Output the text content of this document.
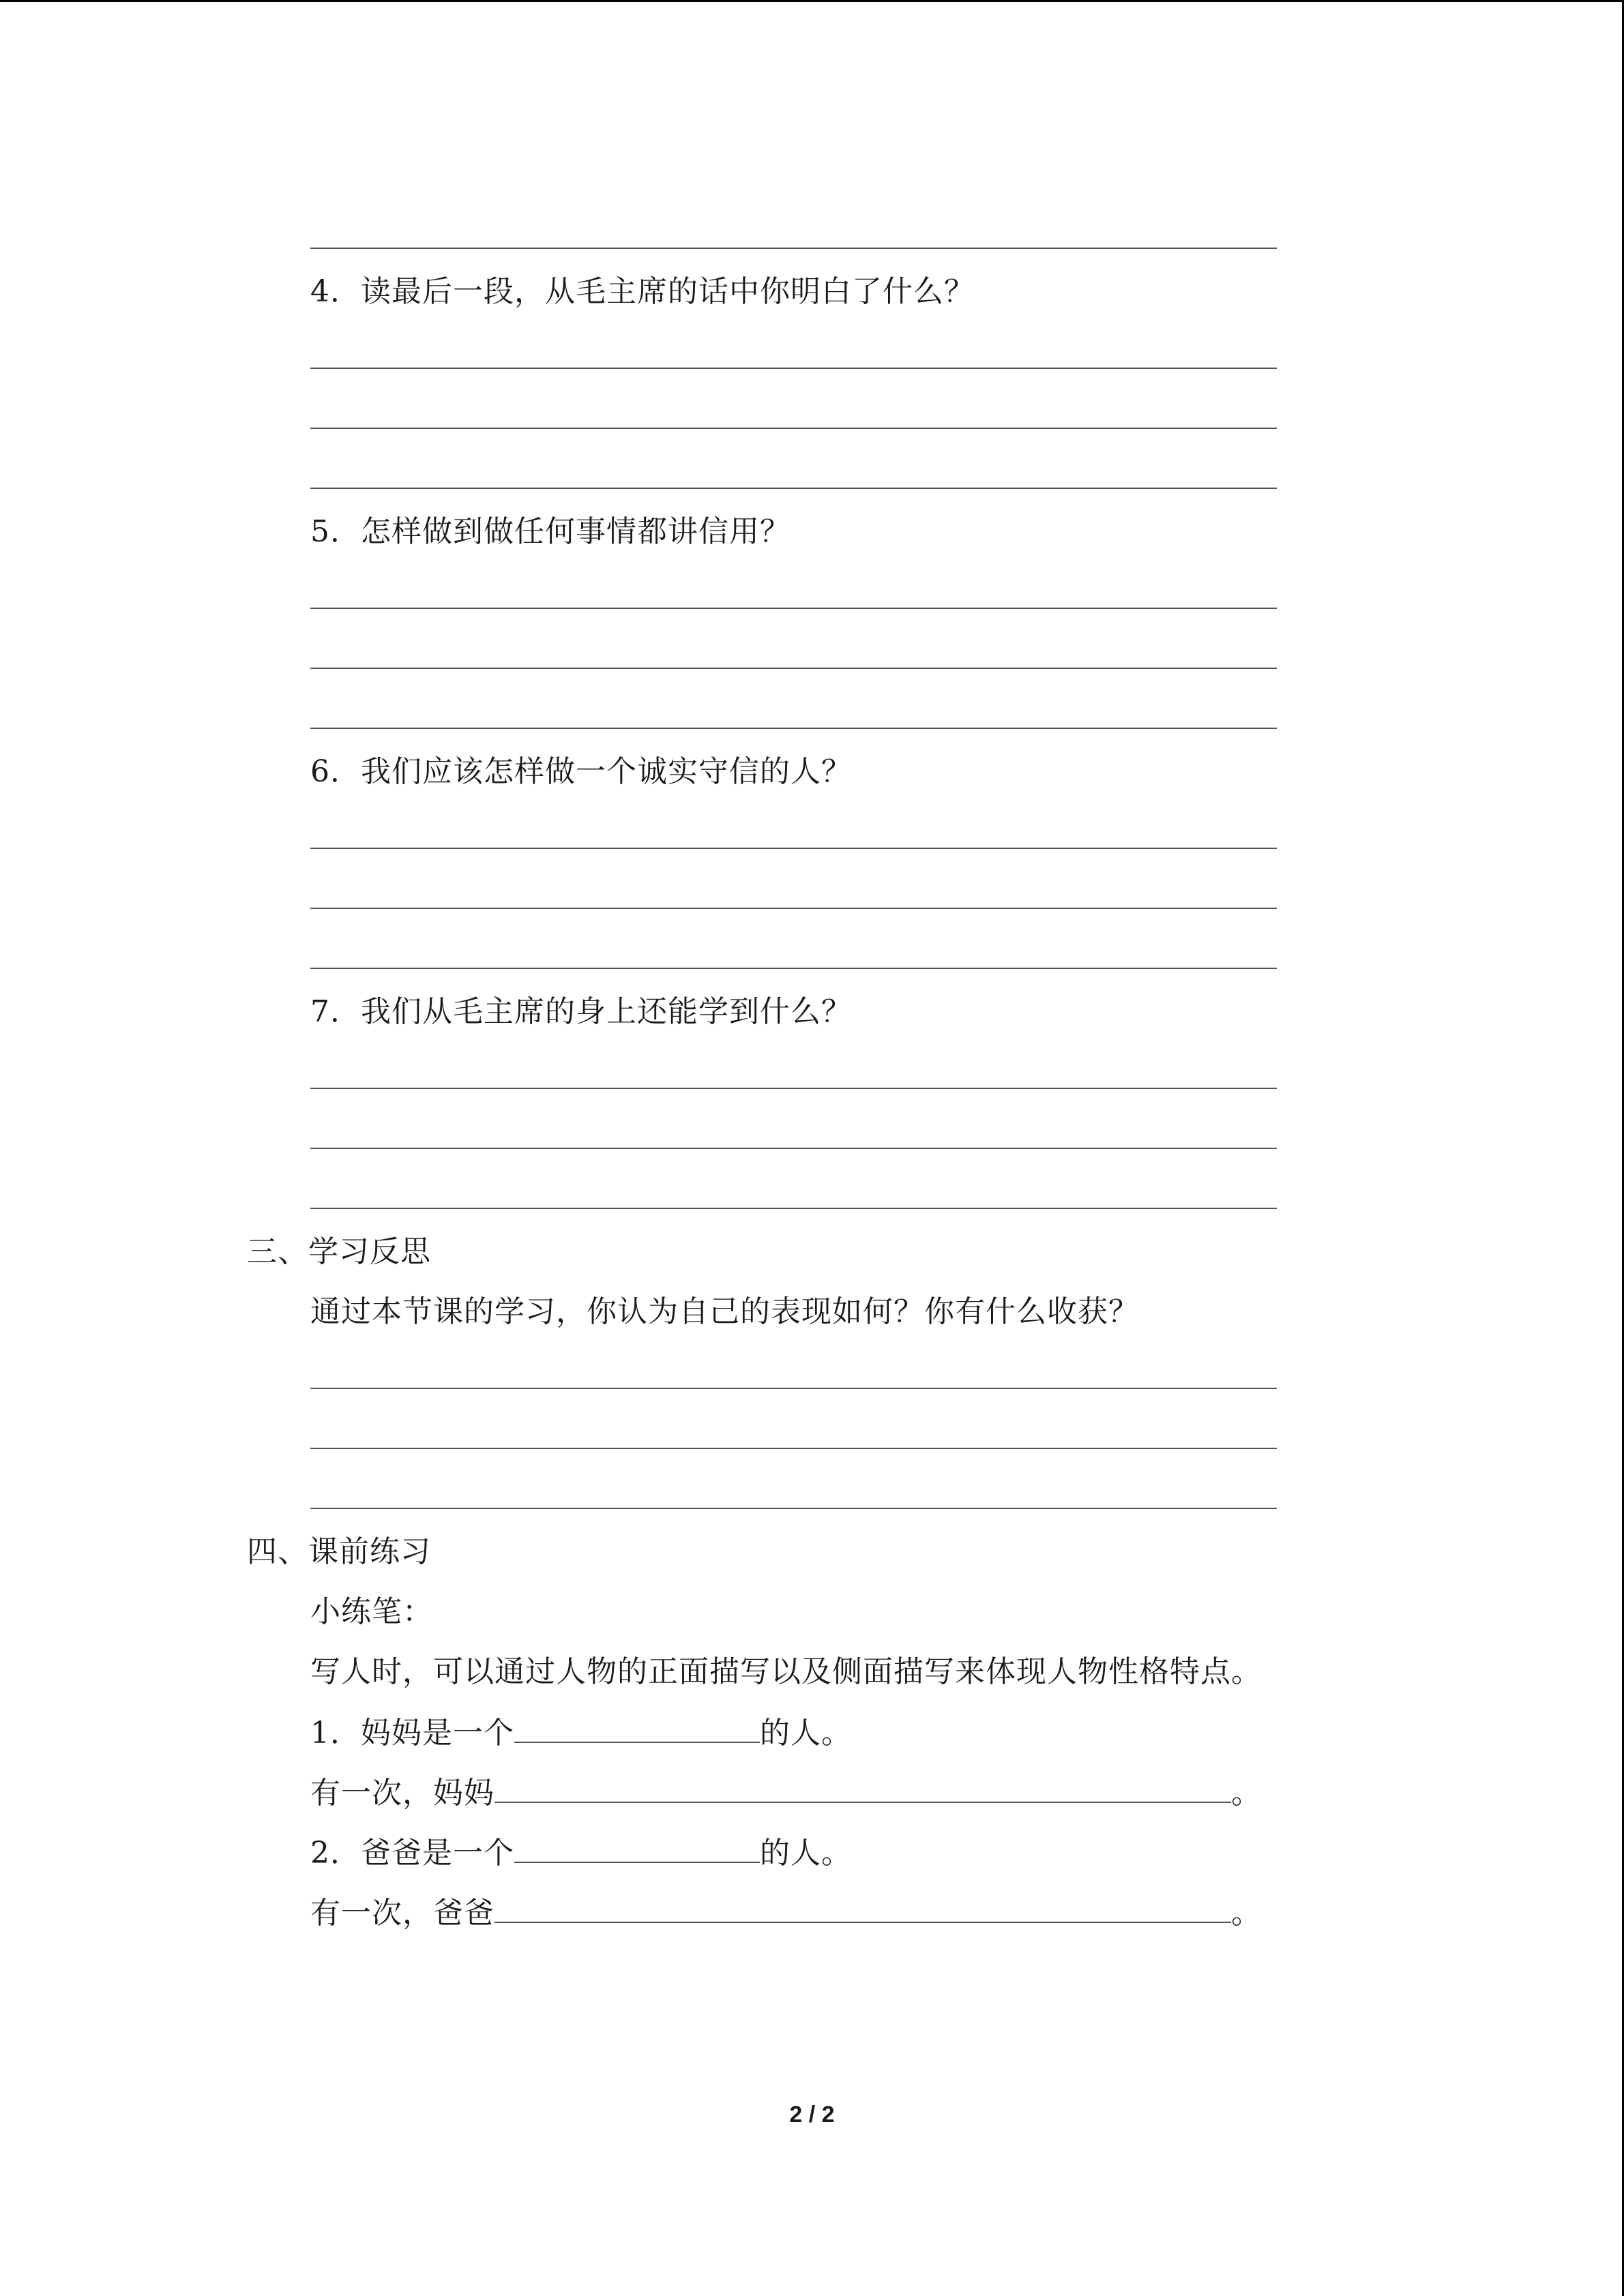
4．读最后一段，从毛主席的话中你明白了什么？
5．怎样做到做任何事情都讲信用？
6．我们应该怎样做一个诚实守信的人？
7．我们从毛主席的身上还能学到什么？
三、学习反思
通过本节课的学习，你认为自己的表现如何？你有什么收获？
四、课前练习
小练笔：
写人时，可以通过人物的正面描写以及侧面描写来体现人物性格特点。
1．妈妈是一个	的人。
有一次，妈妈	。
2．爸爸是一个	的人。
有一次，爸爸	。
2 / 2
